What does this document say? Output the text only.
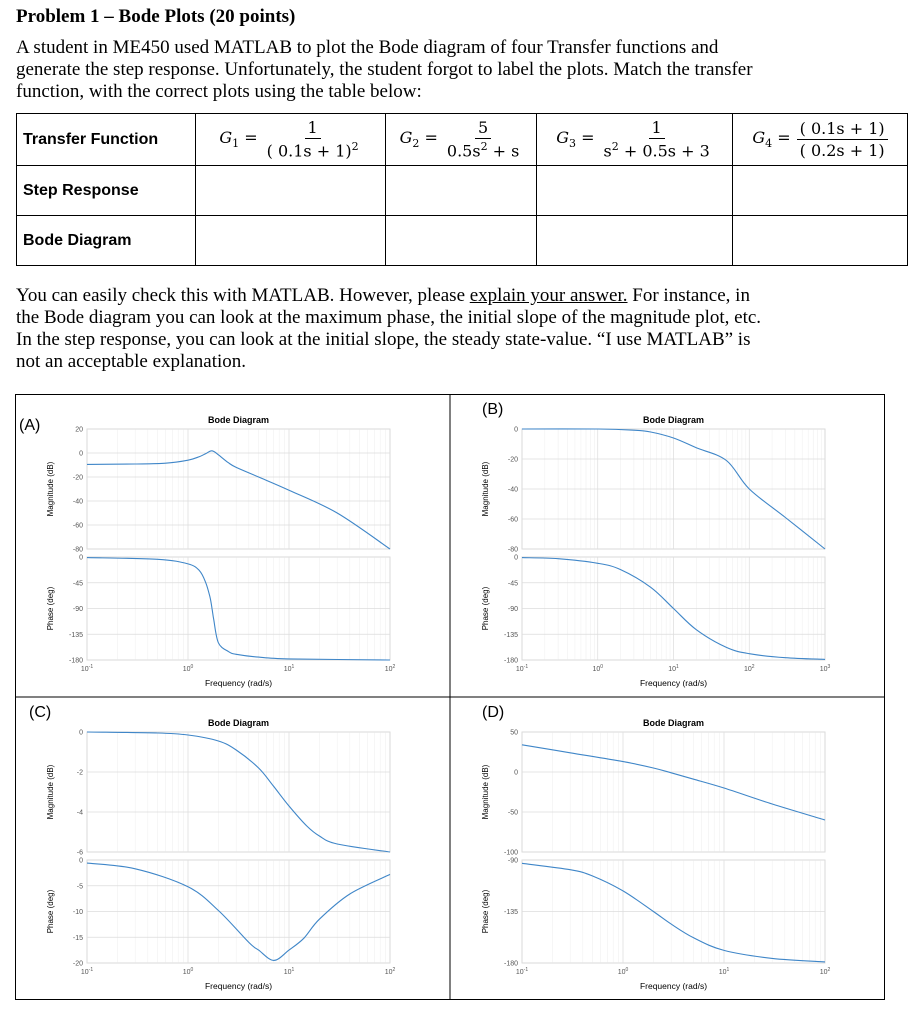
Problem 1 – Bode Plots (20 points)
A student in ME450 used MATLAB to plot the Bode diagram of four Transfer functions and
generate the step response. Unfortunately, the student forgot to label the plots. Match the transfer
function, with the correct plots using the table below:
Transfer Function	$G_1 = \frac{1}{( 0.1s + 1)^2}$	$G_2 = \frac{5}{0.5s^2 + s}$	$G_3 = \frac{1}{s^2 + 0.5s + 3}$	$G_4 = \frac{( 0.1s + 1)}{( 0.2s + 1)}$

Step Response				
Bode Diagram				
You can easily check this with MATLAB. However, please explain your answer. For instance, in
the Bode diagram you can look at the maximum phase, the initial slope of the magnitude plot, etc.
In the step response, you can look at the initial slope, the steady state-value. “I use MATLAB” is
not an acceptable explanation.
(A)	Bode Diagram
20
0
-20
-40
-60
-80
Magnitude (dB)
0
-45
-90
-135
-180
Phase (deg)
$10^{-1}$	$10^0$	$10^1$	$10^2$
Frequency (rad/s)
(B)
Bode Diagram
0
-20
-40
-60
-80
Magnitude (dB)
0
-45
-90
-135
-180
Phase (deg)
$10^{-1}$	$10^0$	$10^1$	$10^2$	$10^3$
Frequency (rad/s)
(C)
Bode Diagram
0
-2
-4
-6
Magnitude (dB)
0
-5
-10
-15
-20
Phase (deg)
$10^{-1}$	$10^0$	$10^1$	$10^2$
Frequency (rad/s)
(D)
Bode Diagram
50
0
-50
-100
Magnitude (dB)
-90
-135
-180
Phase (deg)
$10^{-1}$	$10^0$	$10^1$	$10^2$
Frequency (rad/s)
